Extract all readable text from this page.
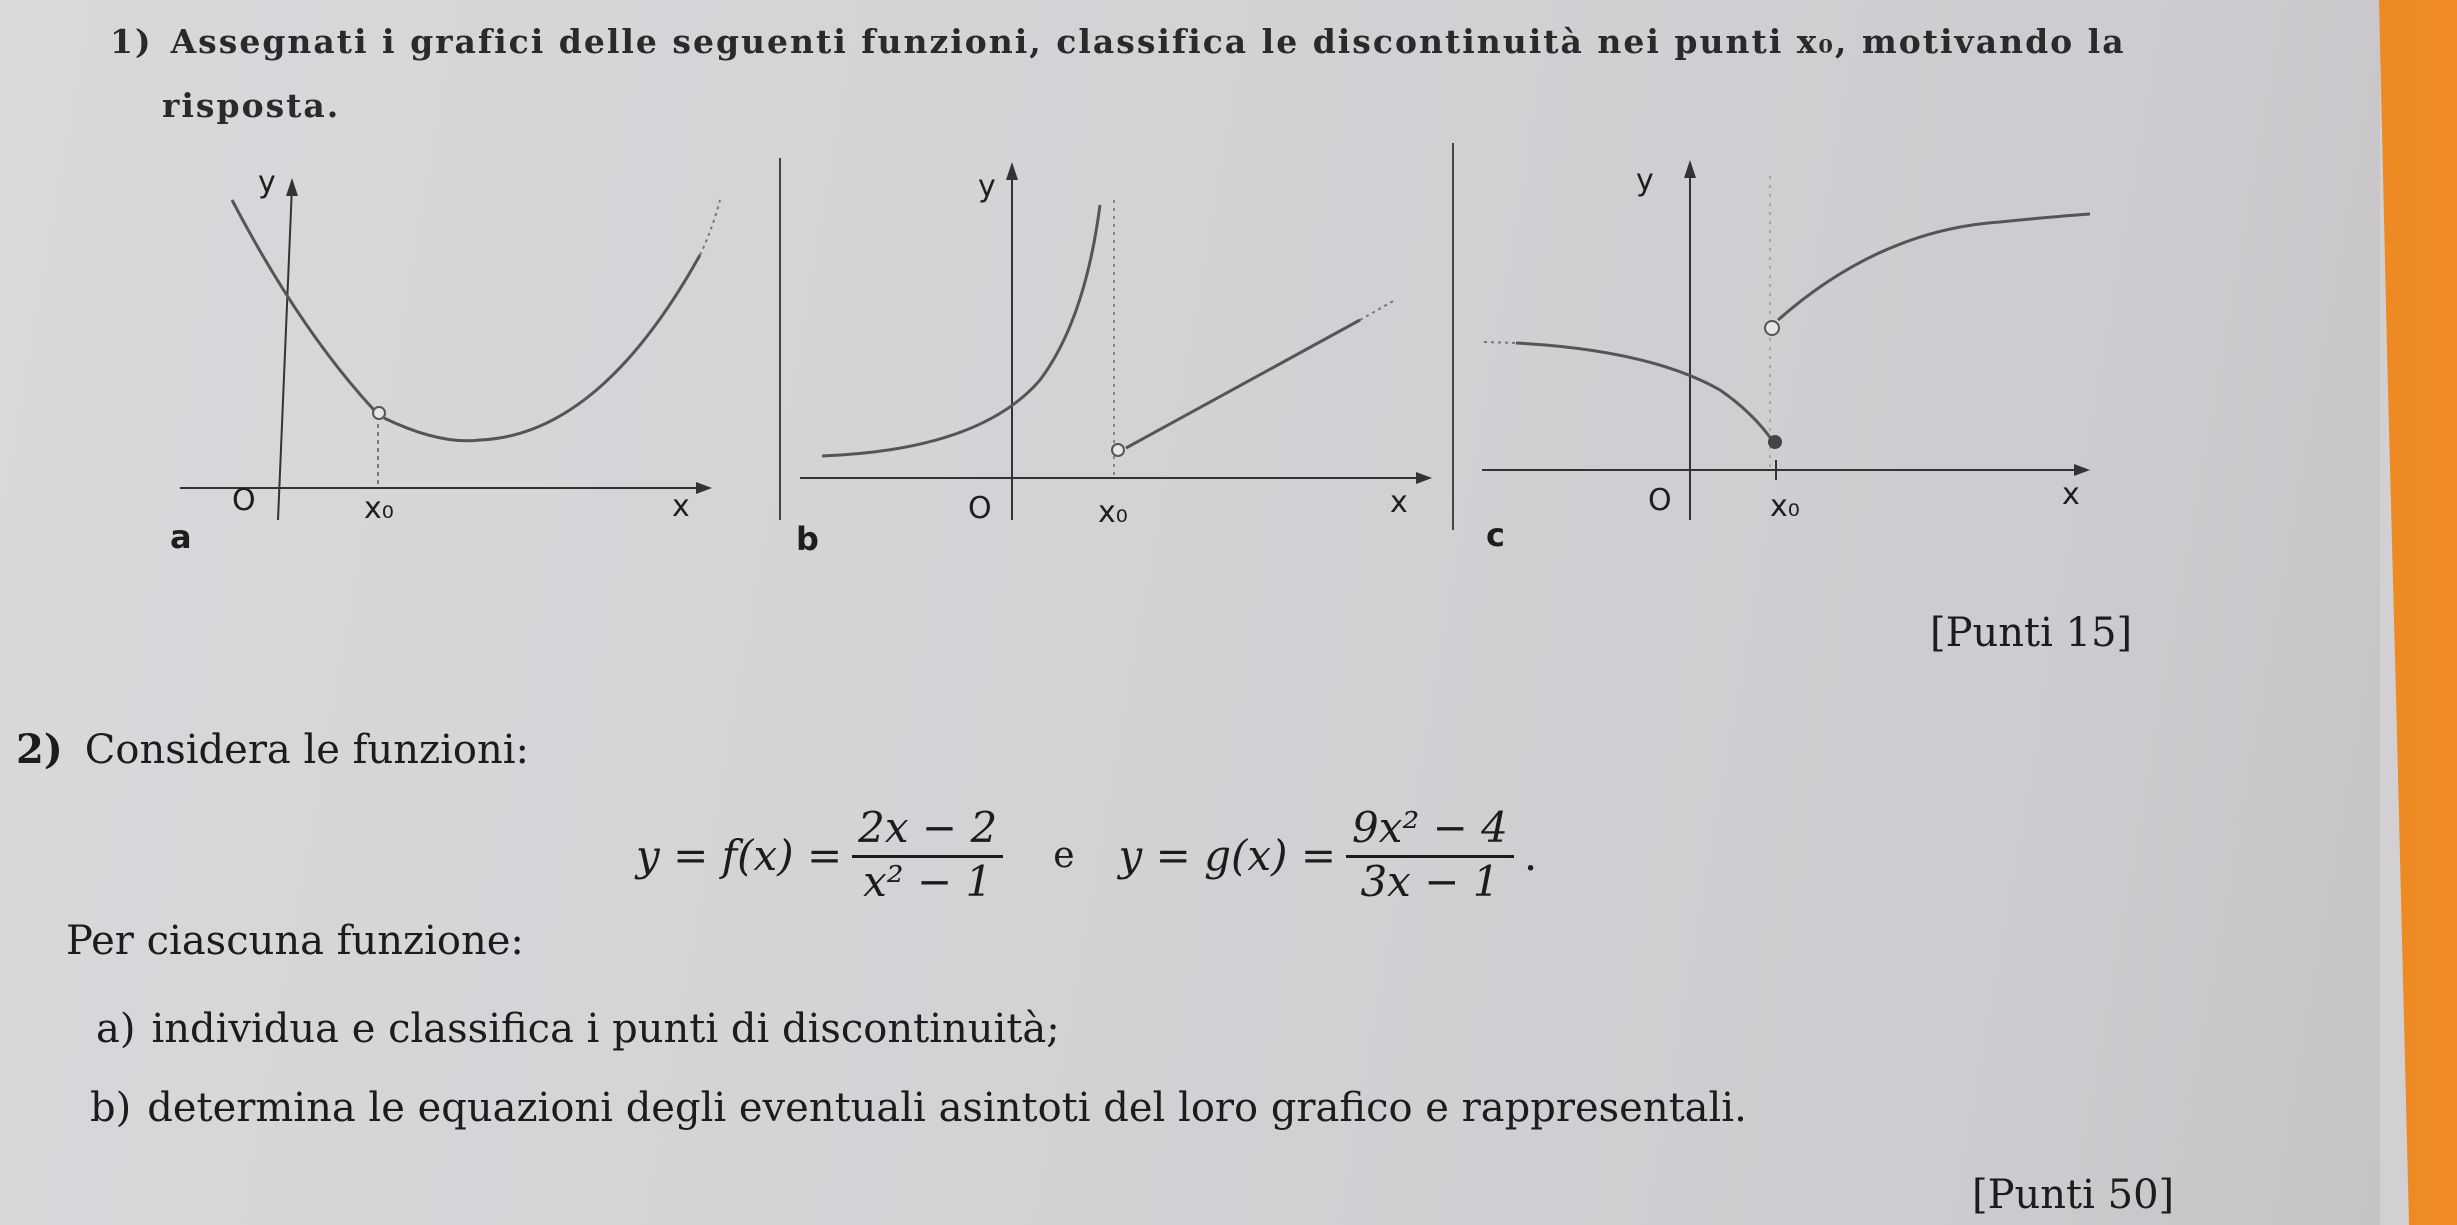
1) Assegnati i grafici delle seguenti funzioni, classifica le discontinuità nei punti x₀, motivando la
risposta.
y
O	x₀	x
a
y
O	x₀	x
b
y
O	x₀	x
c
[Punti 15]
2) Considera le funzioni:
$y = f(x) = \frac{2x - 2}{\text{x² − 1}}$ e $y = g(x) = \frac{\text{9x² − 4}}{3x - 1}$ .
Per ciascuna funzione:
a) individua e classifica i punti di discontinuità;
b) determina le equazioni degli eventuali asintoti del loro grafico e rappresentali.
[Punti 50]
